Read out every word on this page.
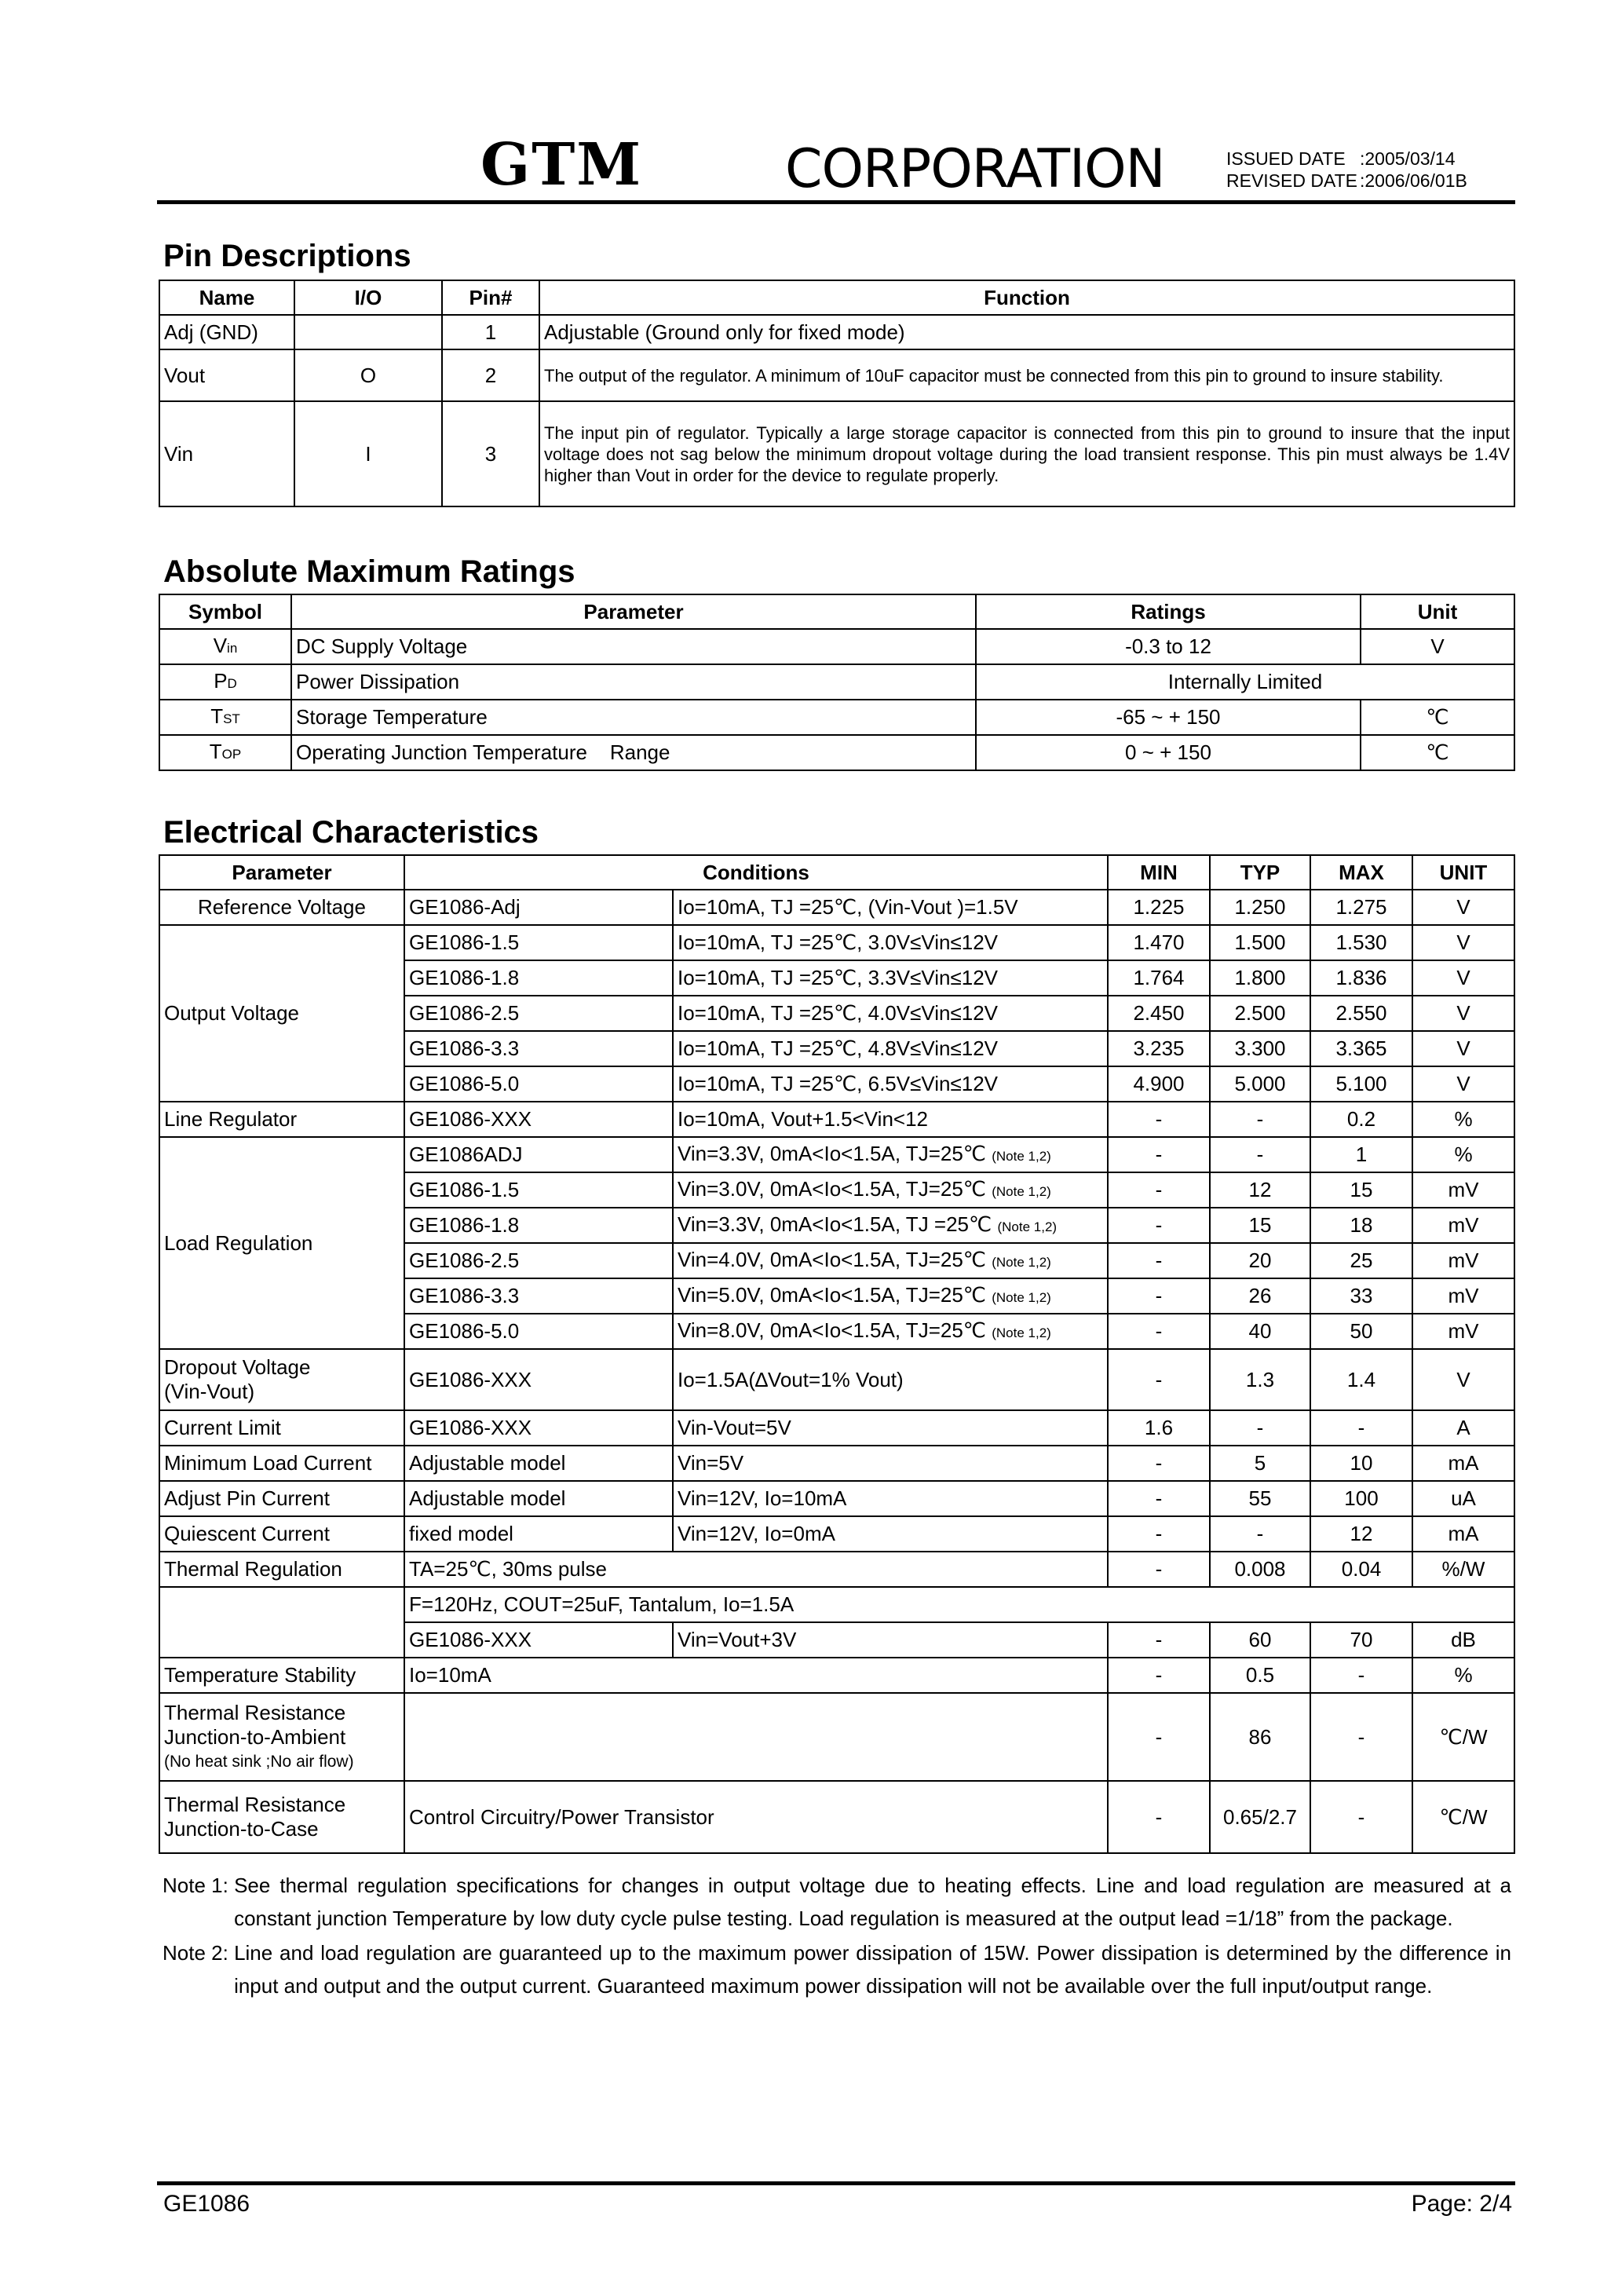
GTM	CORPORATION	ISSUED DATE :2005/03/14
REVISED DATE :2006/06/01B
Pin Descriptions
Name	I/O	Pin#	Function
Adj (GND)		1	Adjustable (Ground only for fixed mode)
Vout	O	2	The output of the regulator. A minimum of 10uF capacitor must be connected from this pin to ground to insure stability.
Vin	I	3	The input pin of regulator. Typically a large storage capacitor is connected from this pin to ground to insure that the input voltage does not sag below the minimum dropout voltage during the load transient response. This pin must always be 1.4V higher than Vout in order for the device to regulate properly.
Absolute Maximum Ratings
Symbol	Parameter	Ratings	Unit
Vin	DC Supply Voltage	-0.3 to 12	V
PD	Power Dissipation	Internally Limited	
TST	Storage Temperature	-65 ~ + 150	℃
TOP	Operating Junction Temperature    Range	0 ~ + 150	℃
Electrical Characteristics
Parameter	Conditions		MIN	TYP	MAX	UNIT
Reference Voltage	GE1086-Adj	Io=10mA, TJ =25℃, (Vin-Vout )=1.5V	1.225	1.250	1.275	V
Output Voltage	GE1086-1.5	Io=10mA, TJ =25℃, 3.0V≤Vin≤12V	1.470	1.500	1.530	V
	GE1086-1.8	Io=10mA, TJ =25℃, 3.3V≤Vin≤12V	1.764	1.800	1.836	V
	GE1086-2.5	Io=10mA, TJ =25℃, 4.0V≤Vin≤12V	2.450	2.500	2.550	V
	GE1086-3.3	Io=10mA, TJ =25℃, 4.8V≤Vin≤12V	3.235	3.300	3.365	V
	GE1086-5.0	Io=10mA, TJ =25℃, 6.5V≤Vin≤12V	4.900	5.000	5.100	V
Line Regulator	GE1086-XXX	Io=10mA, Vout+1.5<Vin<12	-	-	0.2	%
Load Regulation	GE1086ADJ	Vin=3.3V, 0mA<Io<1.5A, TJ=25℃ (Note 1,2)	-	-	1	%
	GE1086-1.5	Vin=3.0V, 0mA<Io<1.5A, TJ=25℃ (Note 1,2)	-	12	15	mV
	GE1086-1.8	Vin=3.3V, 0mA<Io<1.5A, TJ =25℃ (Note 1,2)	-	15	18	mV
	GE1086-2.5	Vin=4.0V, 0mA<Io<1.5A, TJ=25℃ (Note 1,2)	-	20	25	mV
	GE1086-3.3	Vin=5.0V, 0mA<Io<1.5A, TJ=25℃ (Note 1,2)	-	26	33	mV
	GE1086-5.0	Vin=8.0V, 0mA<Io<1.5A, TJ=25℃ (Note 1,2)	-	40	50	mV

Dropout Voltage
(Vin-Vout)	GE1086-XXX	Io=1.5A(∆Vout=1% Vout)	-	1.3	1.4	V
Current Limit	GE1086-XXX	Vin-Vout=5V	1.6	-	-	A
Minimum Load Current	Adjustable model	Vin=5V	-	5	10	mA
Adjust Pin Current	Adjustable model	Vin=12V, Io=10mA	-	55	100	uA
Quiescent Current	fixed model	Vin=12V, Io=0mA	-	-	12	mA
Thermal Regulation	TA=25℃, 30ms pulse		-	0.008	0.04	%/W
	F=120Hz, COUT=25uF, Tantalum, Io=1.5A					
	GE1086-XXX	Vin=Vout+3V	-	60	70	dB
Temperature Stability	Io=10mA		-	0.5	-	%

Thermal Resistance
Junction-to-Ambient
(No heat sink ;No air flow)			-	86	-	℃/W

Thermal Resistance
Junction-to-Case	Control Circuitry/Power Transistor		-	0.65/2.7	-	℃/W
Note 1: See thermal regulation specifications for changes in output voltage due to heating effects. Line and load regulation are measured at a constant junction Temperature by low duty cycle pulse testing. Load regulation is measured at the output lead =1/18” from the package.
Note 2: Line and load regulation are guaranteed up to the maximum power dissipation of 15W. Power dissipation is determined by the difference in input and output and the output current. Guaranteed maximum power dissipation will not be available over the full input/output range.
GE1086	Page: 2/4
